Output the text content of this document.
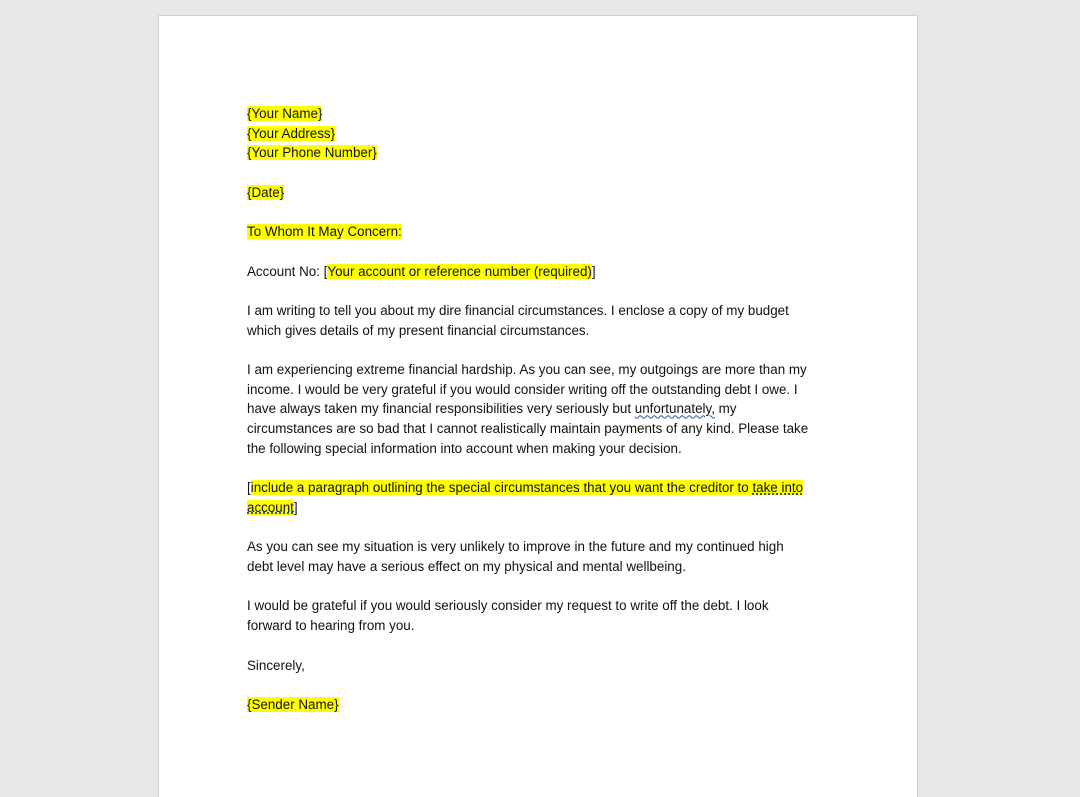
{Your Name}
{Your Address}
{Your Phone Number}
{Date}
To Whom It May Concern:
Account No: [Your account or reference number (required)]
I am writing to tell you about my dire financial circumstances. I enclose a copy of my budget
which gives details of my present financial circumstances.
I am experiencing extreme financial hardship. As you can see, my outgoings are more than my
income. I would be very grateful if you would consider writing off the outstanding debt I owe. I
have always taken my financial responsibilities very seriously but unfortunately, my
circumstances are so bad that I cannot realistically maintain payments of any kind. Please take
the following special information into account when making your decision.
[include a paragraph outlining the special circumstances that you want the creditor to take into
account]
As you can see my situation is very unlikely to improve in the future and my continued high
debt level may have a serious effect on my physical and mental wellbeing.
I would be grateful if you would seriously consider my request to write off the debt. I look
forward to hearing from you.
Sincerely,
{Sender Name}
